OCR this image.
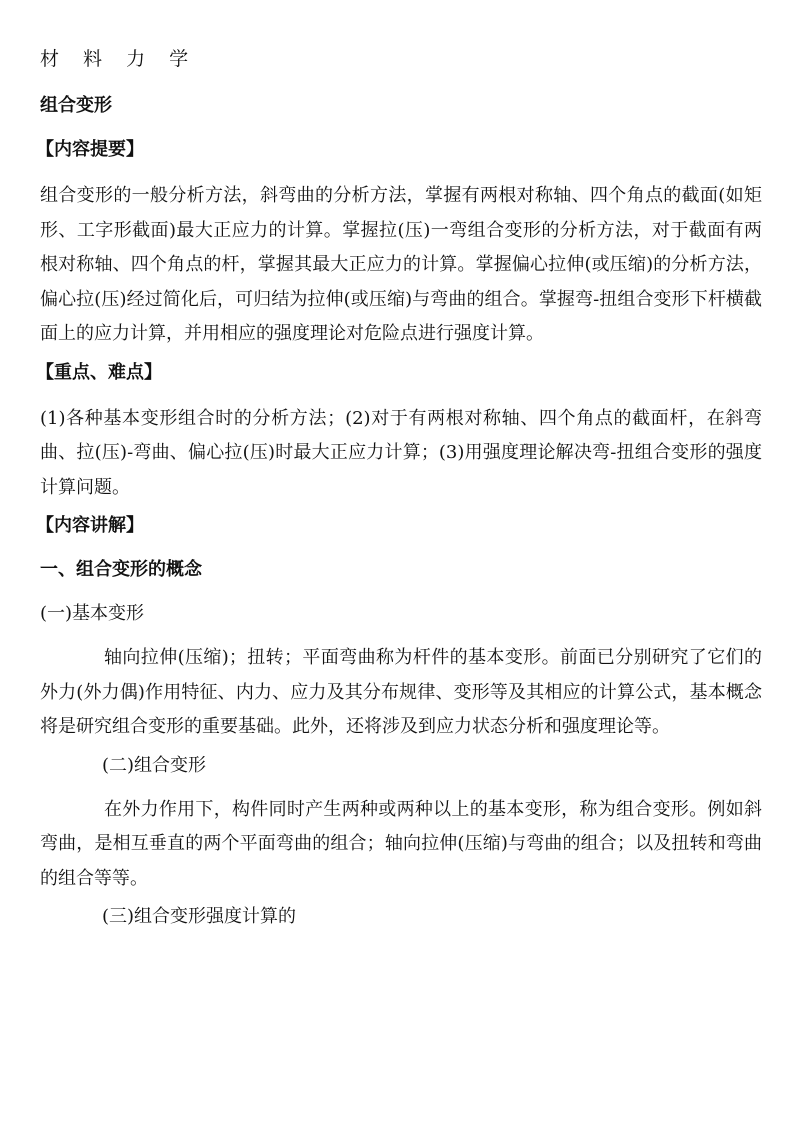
材 料 力 学
组合变形
【内容提要】
组合变形的一般分析方法，斜弯曲的分析方法，掌握有两根对称轴、四个角点的截面(如矩形、工字形截面)最大正应力的计算。掌握拉(压)一弯组合变形的分析方法，对于截面有两根对称轴、四个角点的杆，掌握其最大正应力的计算。掌握偏心拉伸(或压缩)的分析方法，偏心拉(压)经过简化后，可归结为拉伸(或压缩)与弯曲的组合。掌握弯-扭组合变形下杆横截面上的应力计算，并用相应的强度理论对危险点进行强度计算。
【重点、难点】
(1)各种基本变形组合时的分析方法；(2)对于有两根对称轴、四个角点的截面杆，在斜弯曲、拉(压)-弯曲、偏心拉(压)时最大正应力计算；(3)用强度理论解决弯-扭组合变形的强度计算问题。
【内容讲解】
一、组合变形的概念
(一)基本变形
轴向拉伸(压缩)；扭转；平面弯曲称为杆件的基本变形。前面已分别研究了它们的外力(外力偶)作用特征、内力、应力及其分布规律、变形等及其相应的计算公式，基本概念将是研究组合变形的重要基础。此外，还将涉及到应力状态分析和强度理论等。
(二)组合变形
在外力作用下，构件同时产生两种或两种以上的基本变形，称为组合变形。例如斜弯曲，是相互垂直的两个平面弯曲的组合；轴向拉伸(压缩)与弯曲的组合；以及扭转和弯曲的组合等等。
(三)组合变形强度计算的
